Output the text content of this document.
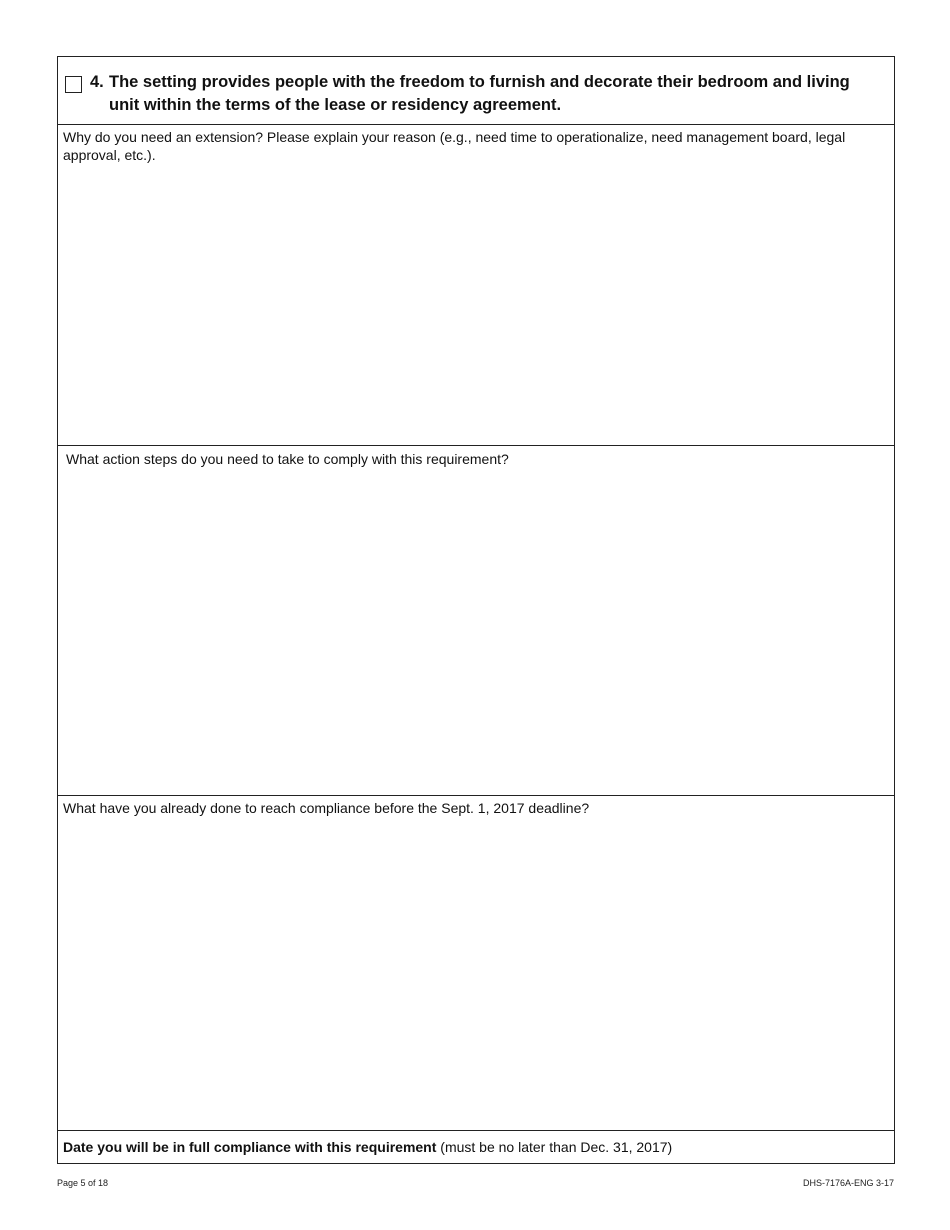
4. The setting provides people with the freedom to furnish and decorate their bedroom and living unit within the terms of the lease or residency agreement.
Why do you need an extension? Please explain your reason (e.g., need time to operationalize, need management board, legal approval, etc.).
What action steps do you need to take to comply with this requirement?
What have you already done to reach compliance before the Sept. 1, 2017 deadline?
Date you will be in full compliance with this requirement (must be no later than Dec. 31, 2017)
Page 5 of 18	DHS-7176A-ENG 3-17
